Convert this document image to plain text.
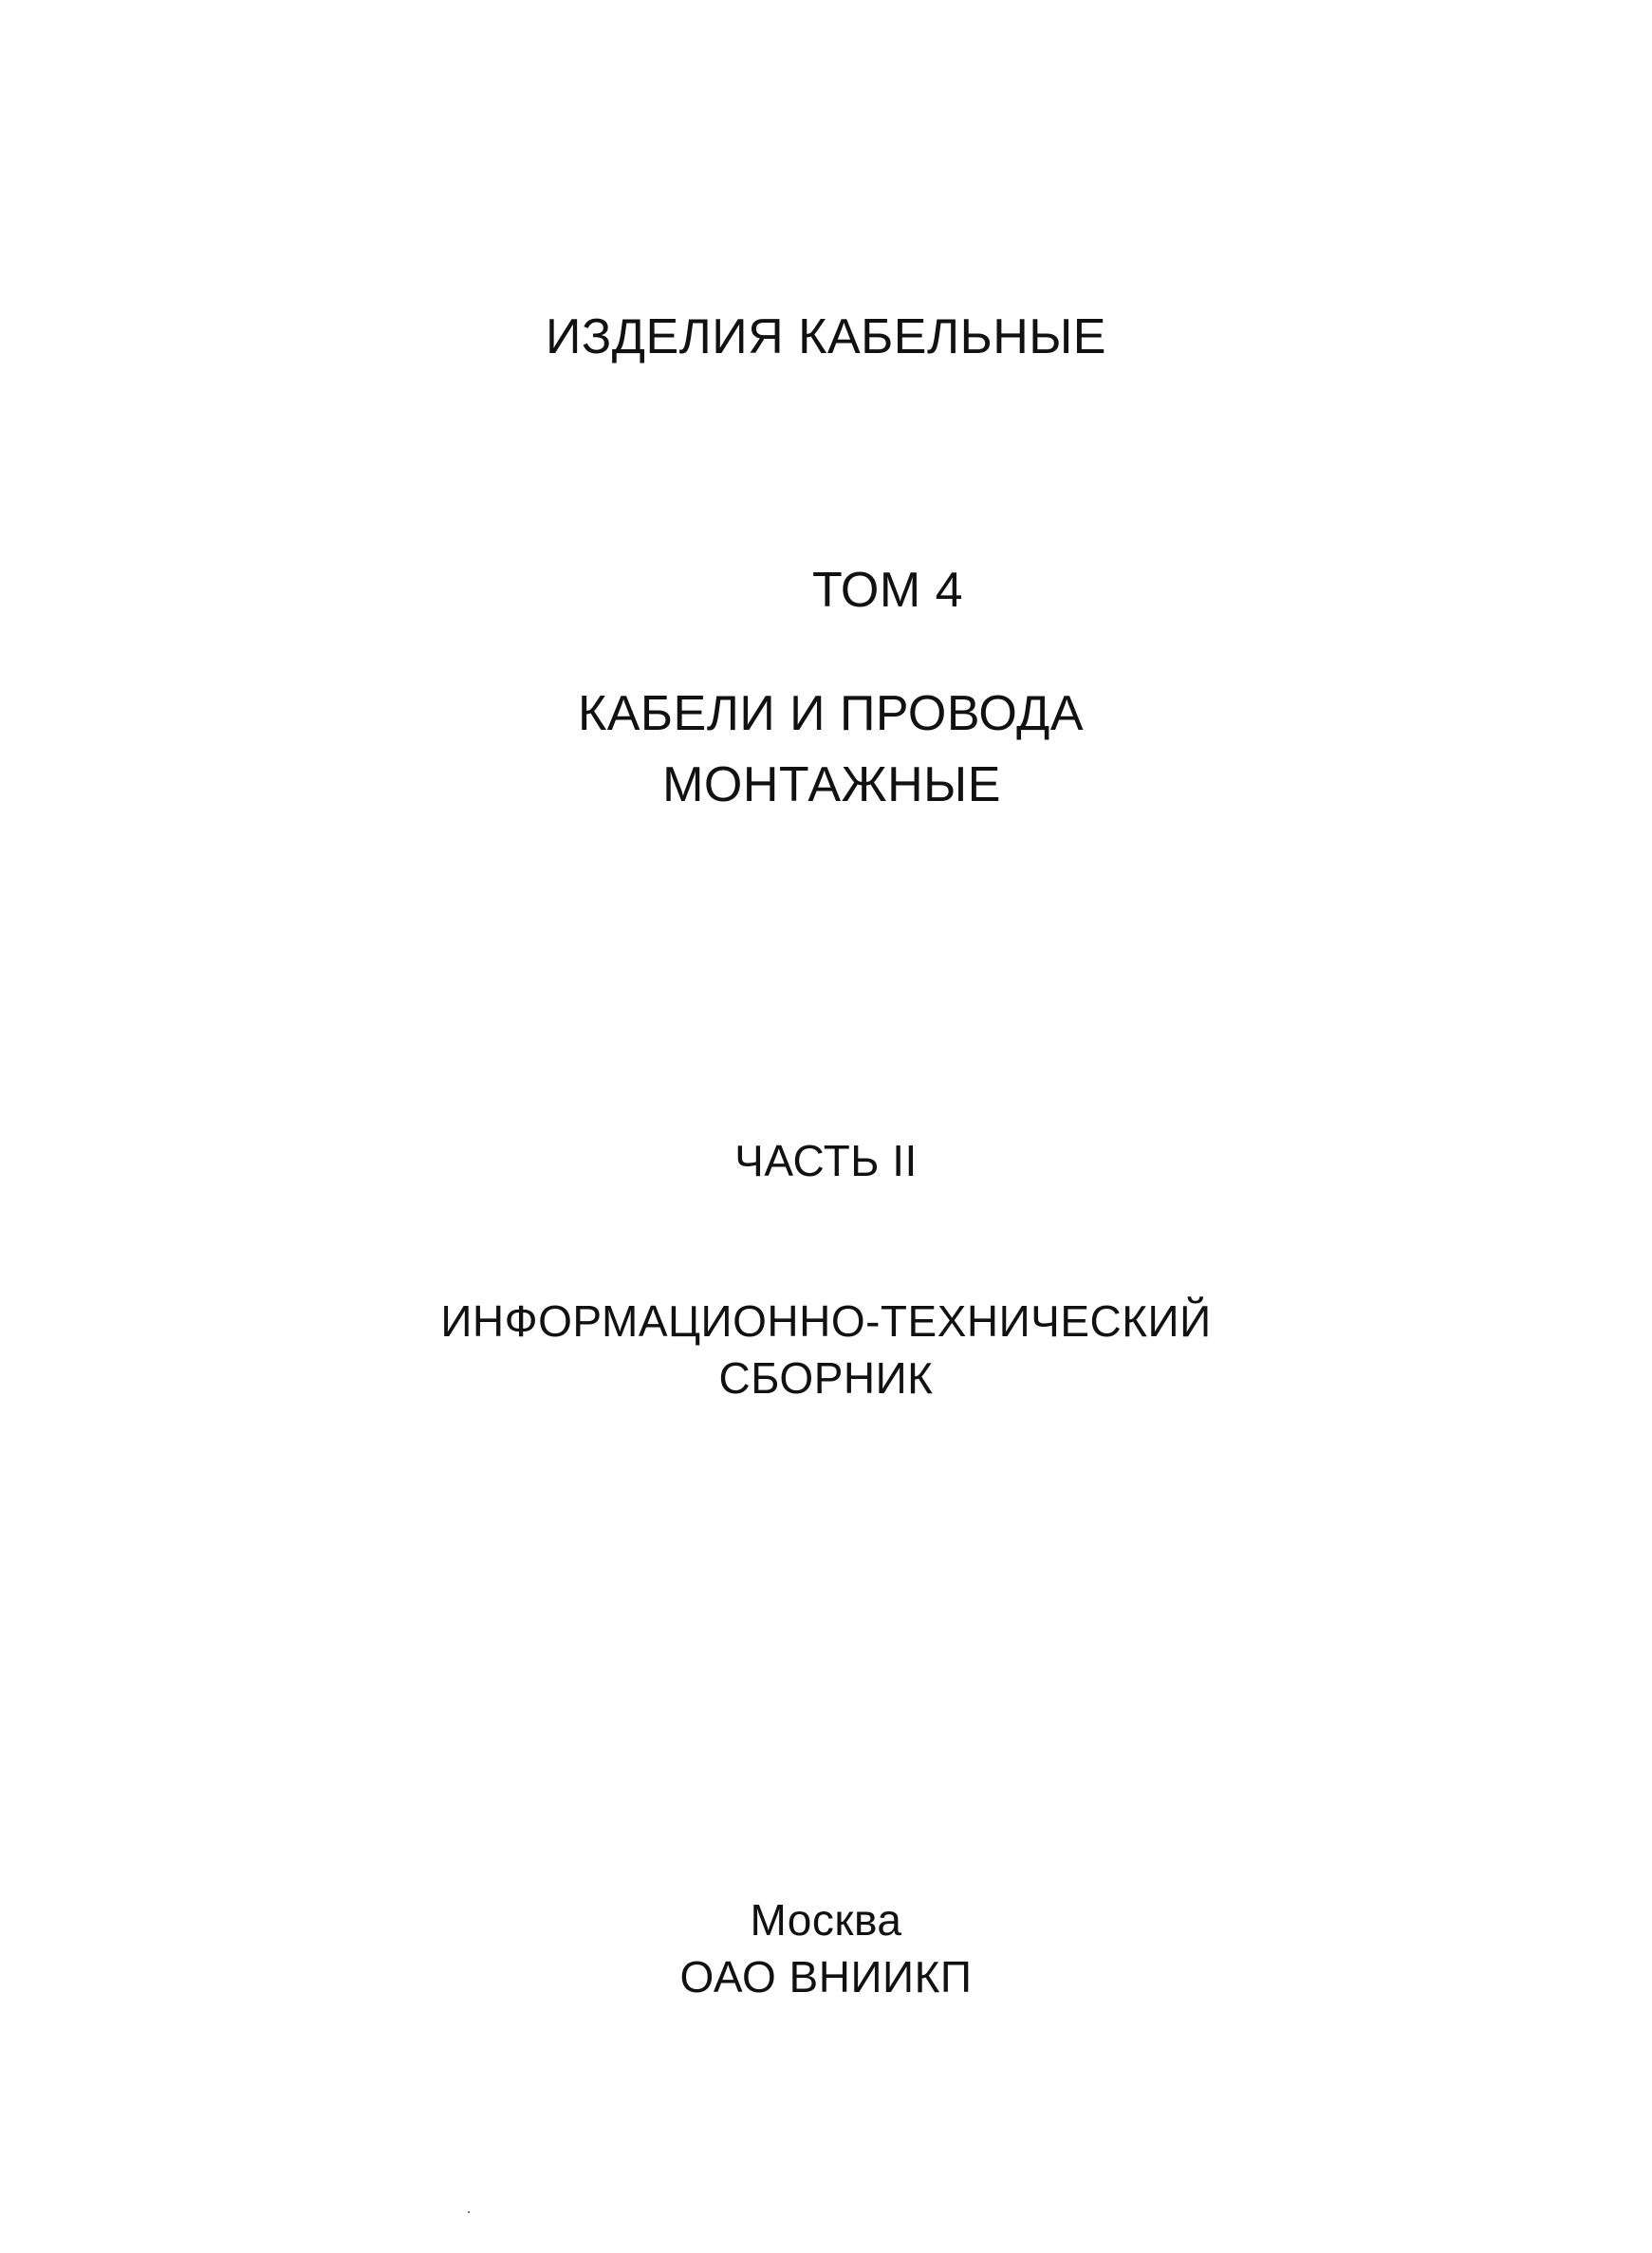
ИЗДЕЛИЯ КАБЕЛЬНЫЕ
ТОМ 4
КАБЕЛИ И ПРОВОДА
МОНТАЖНЫЕ
ЧАСТЬ II
ИНФОРМАЦИОННО-ТЕХНИЧЕСКИЙ
СБОРНИК
Москва
ОАО ВНИИКП
